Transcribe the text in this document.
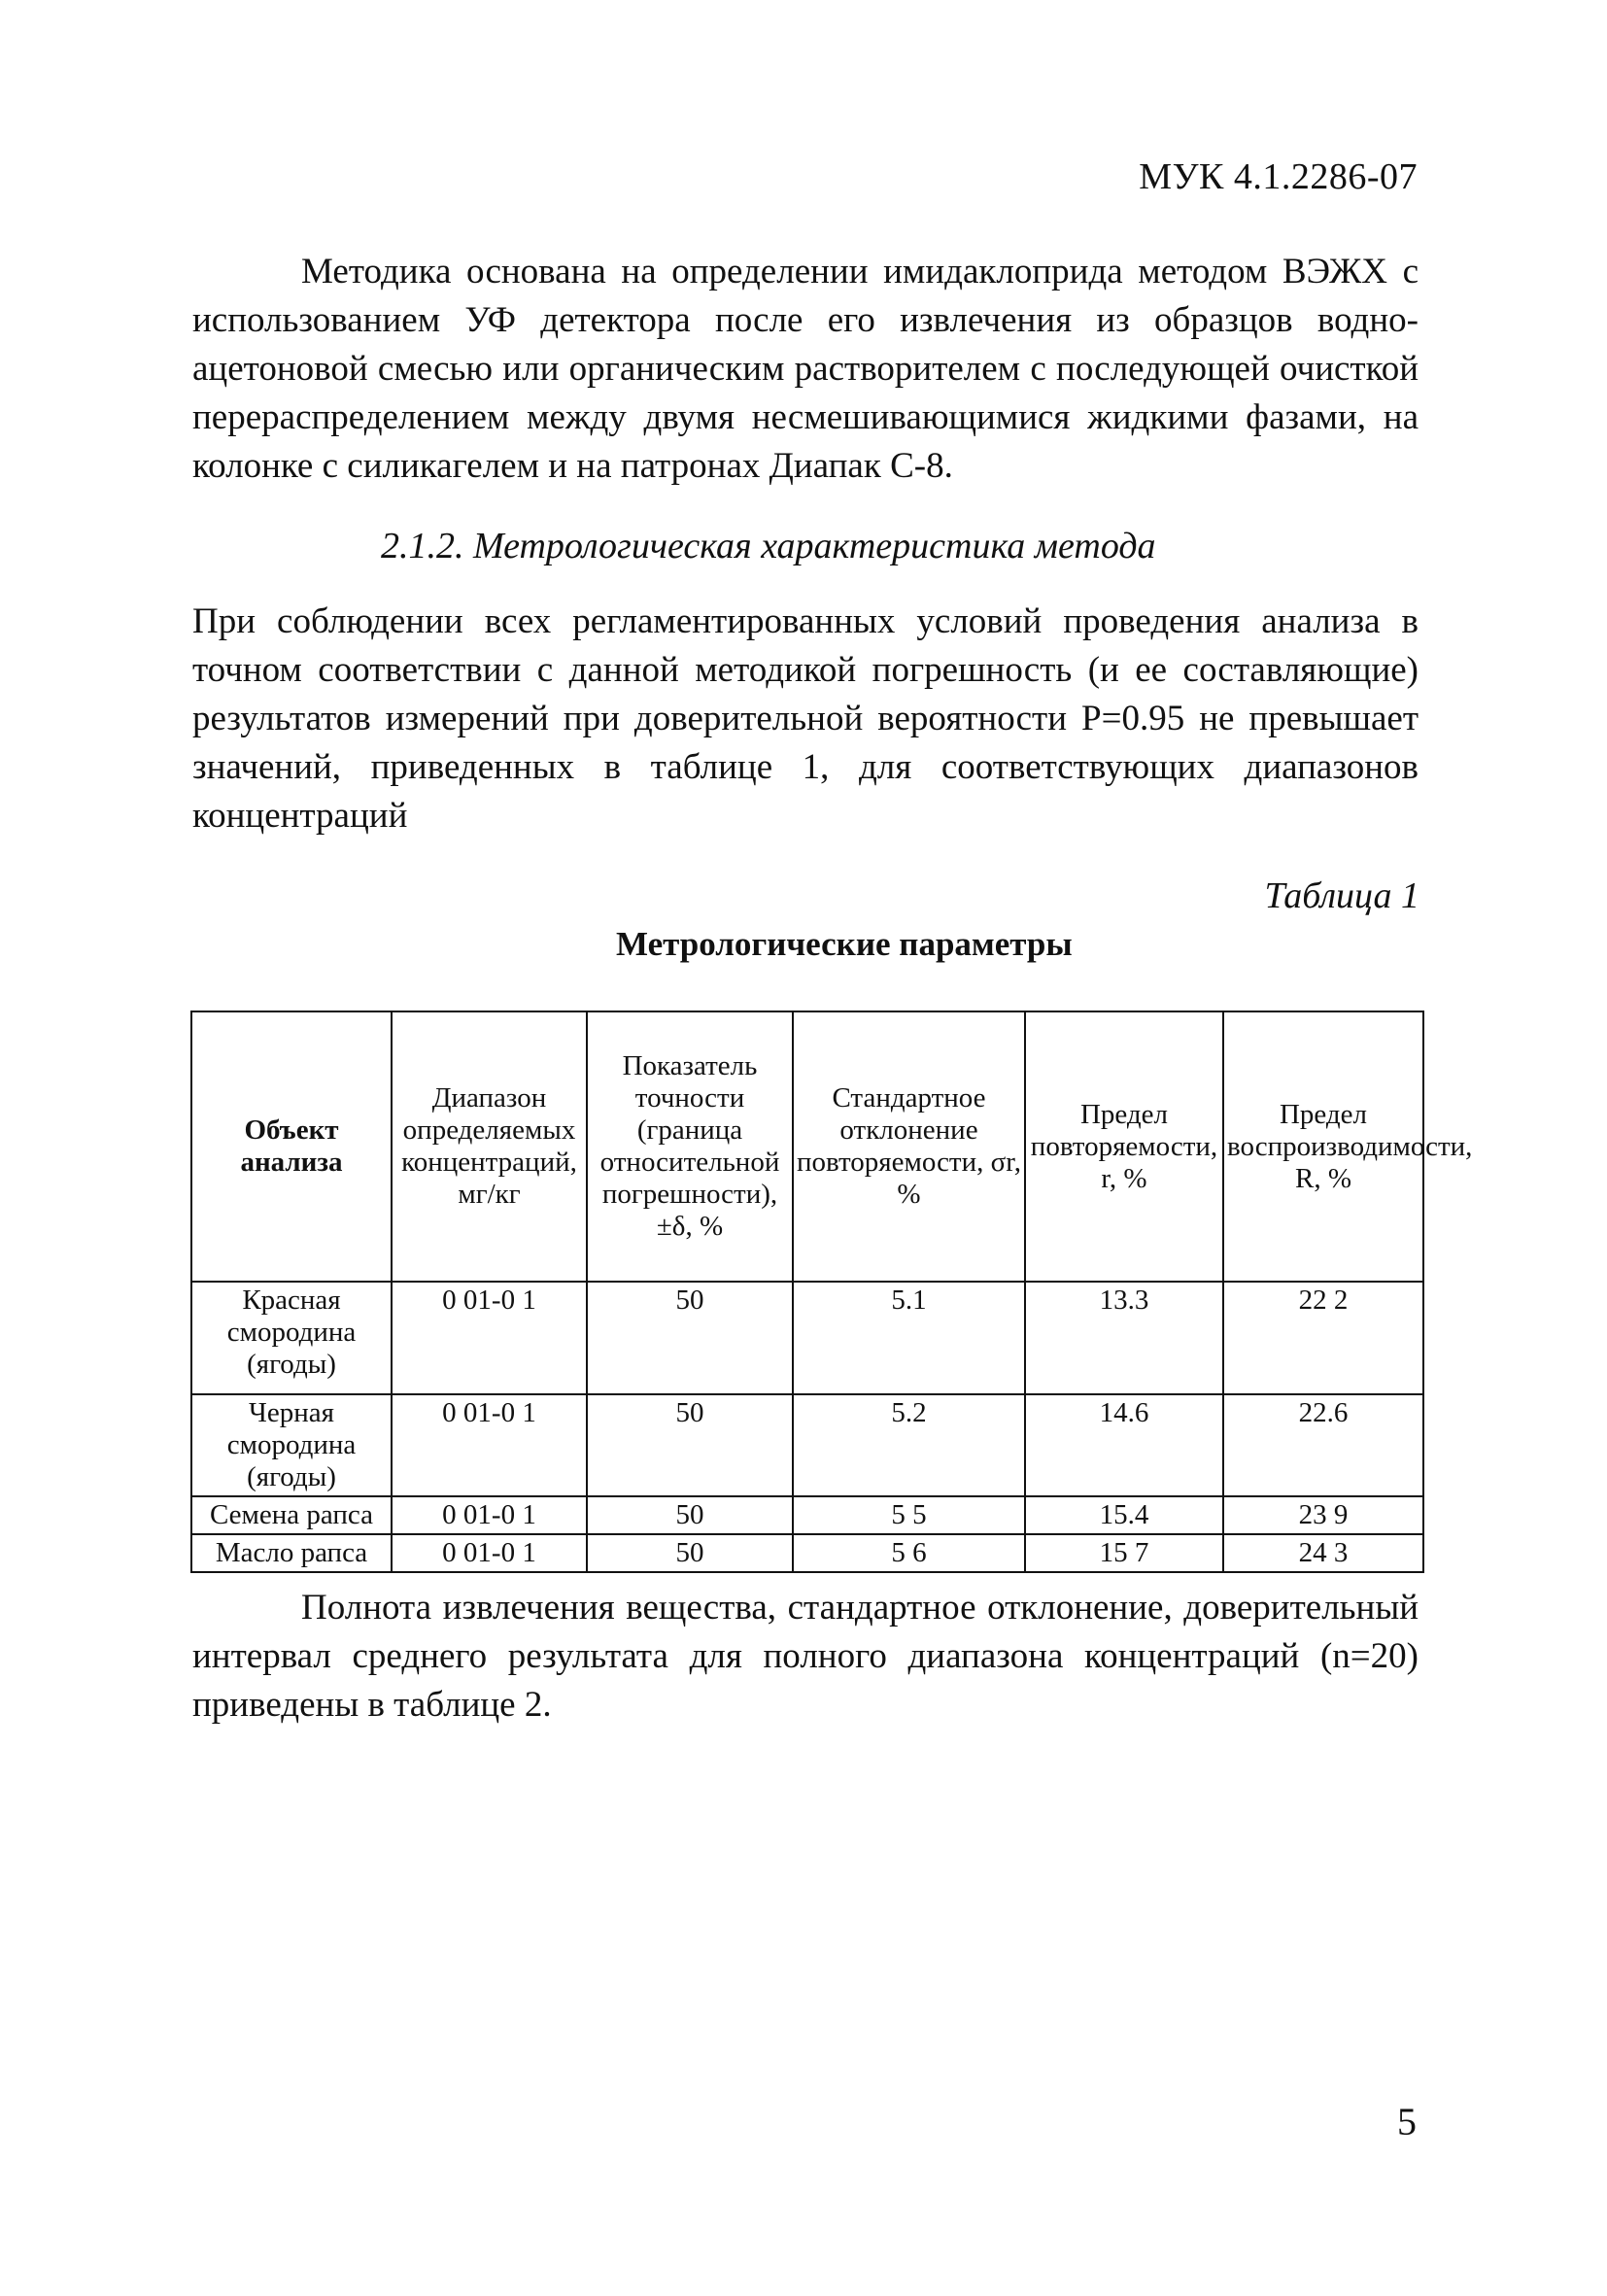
МУК 4.1.2286-07

Методика основана на определении имидаклоприда методом ВЭЖХ с использованием УФ детектора после его извлечения из образцов водно-ацетоновой смесью или органическим растворителем с последующей очисткой перераспределением между двумя несмешивающимися жидкими фазами, на колонке с силикагелем и на патронах Диапак С-8.

2.1.2. Метрологическая характеристика метода

При соблюдении всех регламентированных условий проведения анализа в точном соответствии с данной методикой погрешность (и ее составляющие) результатов измерений при доверительной вероятности Р=0.95 не превышает значений, приведенных в таблице 1, для соответствующих диапазонов концентраций

Таблица 1
Метрологические параметры
Объект анализа	Диапазон определяемых концентраций, мг/кг	Показатель точности (граница относительной погрешности), ±δ, %	Стандартное отклонение повторяемости, σr, %	Предел повторяемости, r, %	Предел воспроизводимости, R, %
Красная смородина (ягоды)	0 01-0 1	50	5.1	13.3	22 2
Черная смородина (ягоды)	0 01-0 1	50	5.2	14.6	22.6
Семена рапса	0 01-0 1	50	5 5	15.4	23 9
Масло рапса	0 01-0 1	50	5 6	15 7	24 3

Полнота извлечения вещества, стандартное отклонение, доверительный интервал среднего результата для полного диапазона концентраций (n=20) приведены в таблице 2.

5
